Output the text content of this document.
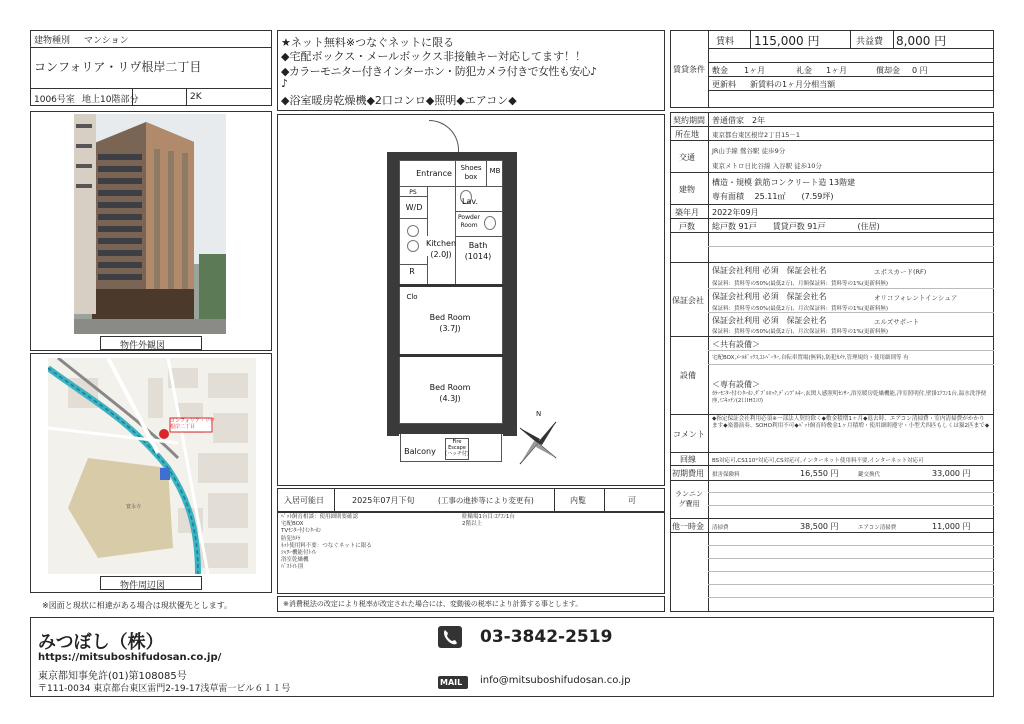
建物種別 マンション
コンフォリア・リヴ根岸二丁目
1006号室 地上10階部分	2K
物件外観図
寛永寺
コンフォリア・リヴ
根岸二丁目
物件周辺図
※図面と現状に相違がある場合は現状優先とします。
★ネット無料※つなぐネットに限る
◆宅配ボックス・メールボックス非接触キー対応してます！！
◆カラーモニター付きインターホン・防犯カメラ付きで女性も安心♪
♪
◆浴室暖房乾燥機◆2口コンロ◆照明◆エアコン◆
Entrance
Shoes box
MB
PS
W/D
Lav.
Powder Room
Kitchen (2.0J)
Bath (1014)
R
Clo
Bed Room (3.7J)
Bed Room (4.3J)
Balcony
Fire Escape (ハッチ付)
N
入居可能日	2025年07月下旬	(工事の進捗等により変更有)	内覧	可
ﾍﾟｯﾄ飼育相談：使用細則要確認
宅配BOX
TVﾓﾆﾀｰ付ｲﾝﾀｰﾎﾝ
防犯ｶﾒﾗ
ﾈｯﾄ使用料不要：つなぐネットに限る
ｼｬﾜｰ機能付ﾄｲﾚ
浴室乾燥機
ﾊﾞｽﾄｲﾚ別
駐輪場1台目:ｴｱｺﾝ1台
2階以上
※消費税法の改定により税率が改定された場合には、変動後の税率により計算する事とします。
賃料 115,000 円	共益費 8,000 円
賃貸条件 敷金 1ヶ月	礼金 1ヶ月	償却金 0 円
更新料 新賃料の1ヶ月分相当額
契約期間 普通借家　2年
所在地 東京都台東区根岸2丁目15－1
交通
JR山手線 鶯谷駅 徒歩9分
東京メトロ日比谷線 入谷駅 徒歩10分
建物
構造・規模 鉄筋コンクリート造 13階建
専有面積　 25.11㎡　　(7.59坪)
築年月 2022年09月
戸数 総戸数 91戸　　賃貸戸数 91戸　　　　(住居)
保証会社
保証会社利用 必須　保証会社名	エポスカード(RF)
保証料：賃料等の50%(最低2万)、月額保証料：賃料等の1%(更新料無)
保証会社利用 必須　保証会社名	オリコフォレントインシュア
保証料：賃料等の50%(最低2万)、月次保証料：賃料等の1%(更新料無)
保証会社利用 必須　保証会社名	エルズサポート
保証料：賃料等の50%(最低2万)、月次保証料：賃料等の1%(更新料無)
設備
＜共有設備＞
宅配BOX,ﾒｰﾙﾎﾞｯｸｽ,ｴﾚﾍﾞｰﾀｰ,自転車置場(無料),防犯ｶﾒﾗ,管理規約・使用細則等 有
＜専有設備＞
ｶﾗｰﾓﾆﾀｰ付ｲﾝﾀｰﾎﾝ,ﾀﾞﾌﾞﾙﾛｯｸ,ﾃﾞｨﾝﾌﾟﾙｷｰ,玄関人感照明ｾﾝｻｰ,浴室暖房乾燥機能,洋室照明付,壁掛ｴｱｺﾝ1台,温水洗浄便座,ﾐﾆｷｯﾁﾝ(2口IHｺﾝﾛ)
コメント
◆指定保証会社利用必須※一部法人契約除く◆敷金積増1ヶ月◆退去時、エアコン清掃費・室内清掃費がかかります◆楽器演奏、SOHO利用不可◆ﾍﾟｯﾄ飼育時敷金1ヶ月積増・使用細則遵守・小型犬四匹もしくは猫2匹まで◆
回線	BS対応可,CS110°対応可,CS対応可,インターネット使用料不要,インターネット対応可
初期費用 損害保険料	16,550 円	鍵交換代	33,000 円
ランニング費用
他一時金 清掃費	38,500 円	エアコン清掃費	11,000 円
みつぼし（株）
https://mitsuboshifudosan.co.jp/
東京都知事免許(01)第108085号
〒111-0034 東京都台東区雷門2-19-17浅草雷一ビル６１１号
03-3842-2519
MAIL info@mitsuboshifudosan.co.jp
